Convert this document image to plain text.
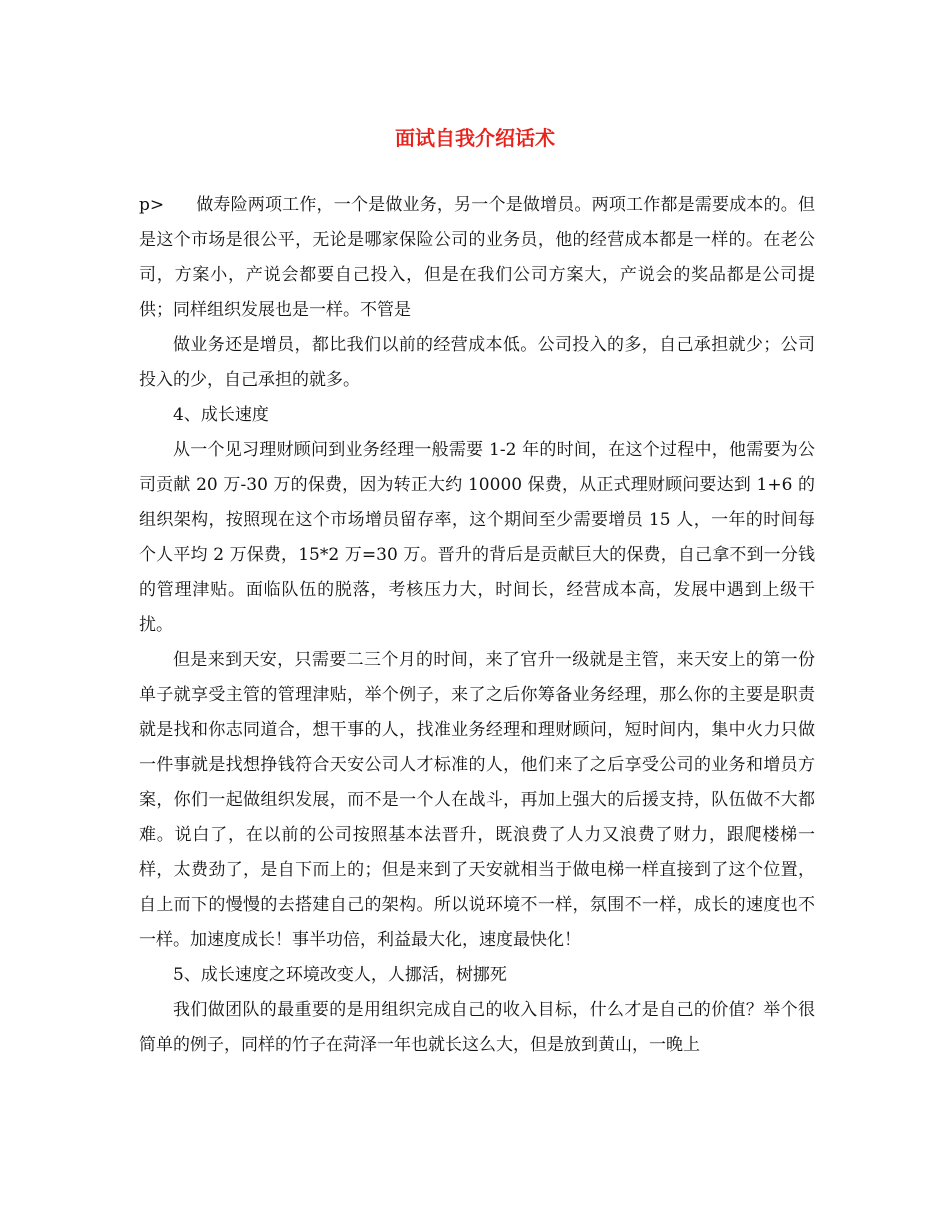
面试自我介绍话术

p> 做寿险两项工作，一个是做业务，另一个是做增员。两项工作都是需要成本的。但是这个市场是很公平，无论是哪家保险公司的业务员，他的经营成本都是一样的。在老公司，方案小，产说会都要自己投入，但是在我们公司方案大，产说会的奖品都是公司提供；同样组织发展也是一样。不管是

做业务还是增员，都比我们以前的经营成本低。公司投入的多，自己承担就少；公司投入的少，自己承担的就多。

4、成长速度

从一个见习理财顾问到业务经理一般需要 1-2 年的时间，在这个过程中，他需要为公司贡献 20 万-30 万的保费，因为转正大约 10000 保费，从正式理财顾问要达到 1+6 的组织架构，按照现在这个市场增员留存率，这个期间至少需要增员 15 人，一年的时间每个人平均 2 万保费，15*2 万=30 万。晋升的背后是贡献巨大的保费，自己拿不到一分钱的管理津贴。面临队伍的脱落，考核压力大，时间长，经营成本高，发展中遇到上级干扰。

但是来到天安，只需要二三个月的时间，来了官升一级就是主管，来天安上的第一份单子就享受主管的管理津贴，举个例子，来了之后你筹备业务经理，那么你的主要是职责就是找和你志同道合，想干事的人，找准业务经理和理财顾问，短时间内，集中火力只做一件事就是找想挣钱符合天安公司人才标准的人，他们来了之后享受公司的业务和增员方案，你们一起做组织发展，而不是一个人在战斗，再加上强大的后援支持，队伍做不大都难。说白了，在以前的公司按照基本法晋升，既浪费了人力又浪费了财力，跟爬楼梯一样，太费劲了，是自下而上的；但是来到了天安就相当于做电梯一样直接到了这个位置，自上而下的慢慢的去搭建自己的架构。所以说环境不一样，氛围不一样，成长的速度也不一样。加速度成长！事半功倍，利益最大化，速度最快化！

5、成长速度之环境改变人，人挪活，树挪死

我们做团队的最重要的是用组织完成自己的收入目标，什么才是自己的价值？举个很简单的例子，同样的竹子在菏泽一年也就长这么大，但是放到黄山，一晚上
